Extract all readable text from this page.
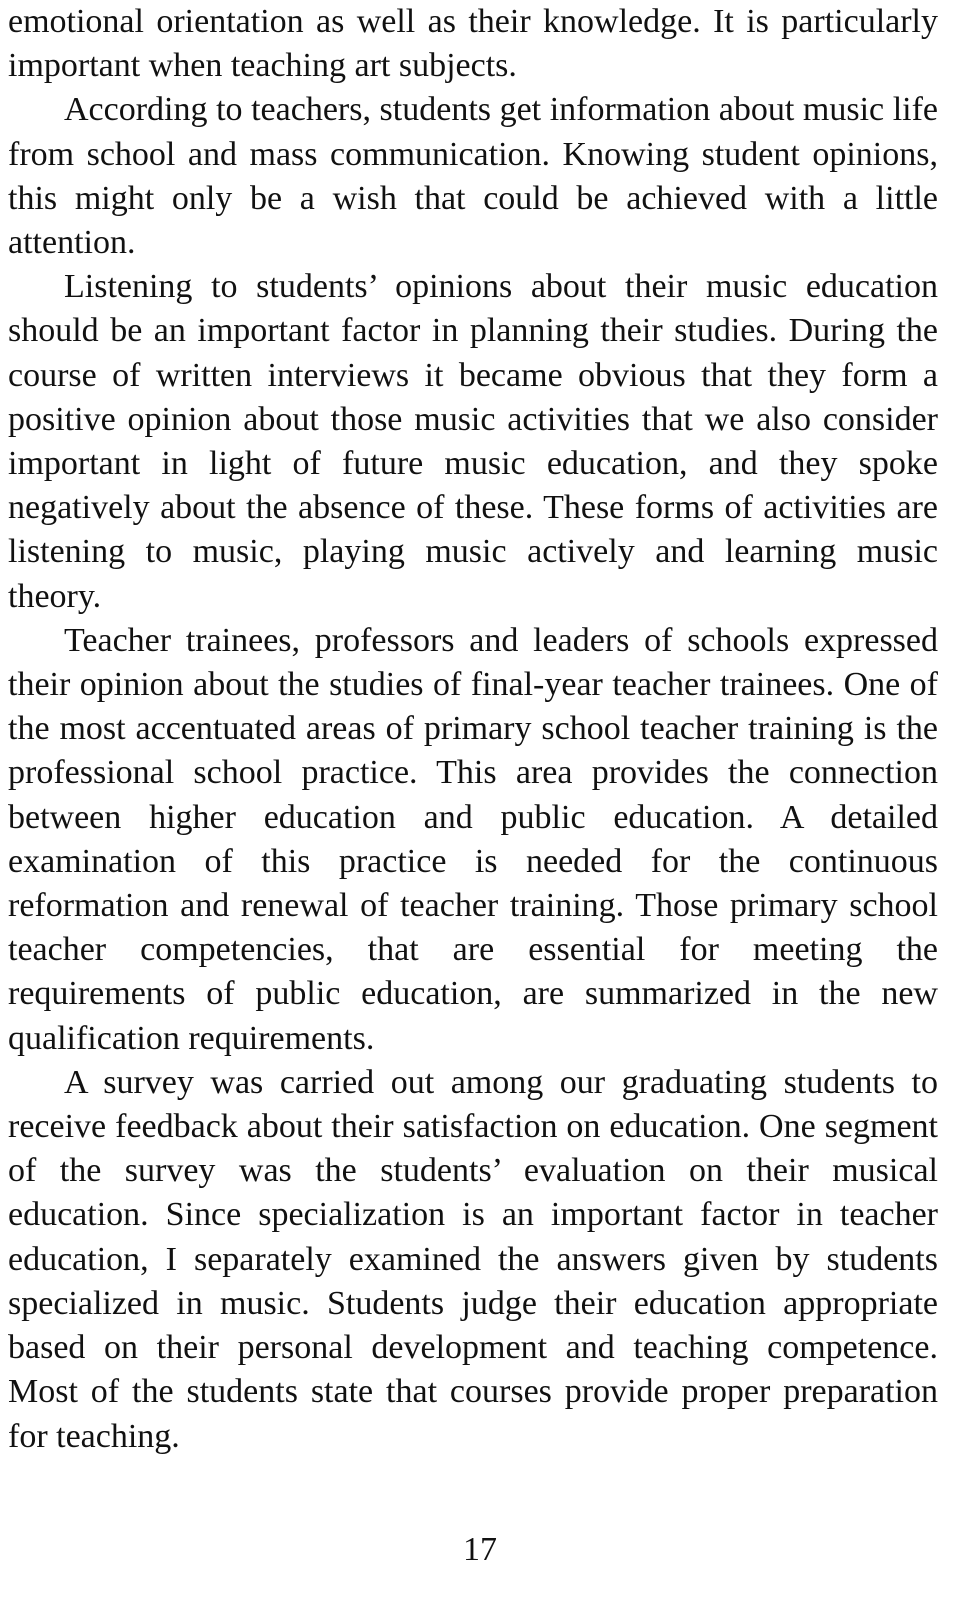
emotional orientation as well as their knowledge. It is particularly important when teaching art subjects.

According to teachers, students get information about music life from school and mass communication. Knowing student opinions, this might only be a wish that could be achieved with a little attention.

Listening to students’ opinions about their music education should be an important factor in planning their studies. During the course of written interviews it became obvious that they form a positive opinion about those music activities that we also consider important in light of future music education, and they spoke negatively about the absence of these. These forms of activities are listening to music, playing music actively and learning music theory.

Teacher trainees, professors and leaders of schools expressed their opinion about the studies of final-year teacher trainees. One of the most accentuated areas of primary school teacher training is the professional school practice. This area provides the connection between higher education and public education. A detailed examination of this practice is needed for the continuous reformation and renewal of teacher training. Those primary school teacher competencies, that are essential for meeting the requirements of public education, are summarized in the new qualification requirements.

A survey was carried out among our graduating students to receive feedback about their satisfaction on education. One segment of the survey was the students’ evaluation on their musical education. Since specialization is an important factor in teacher education, I separately examined the answers given by students specialized in music. Students judge their education appropriate based on their personal development and teaching competence. Most of the students state that courses provide proper preparation for teaching.

17
